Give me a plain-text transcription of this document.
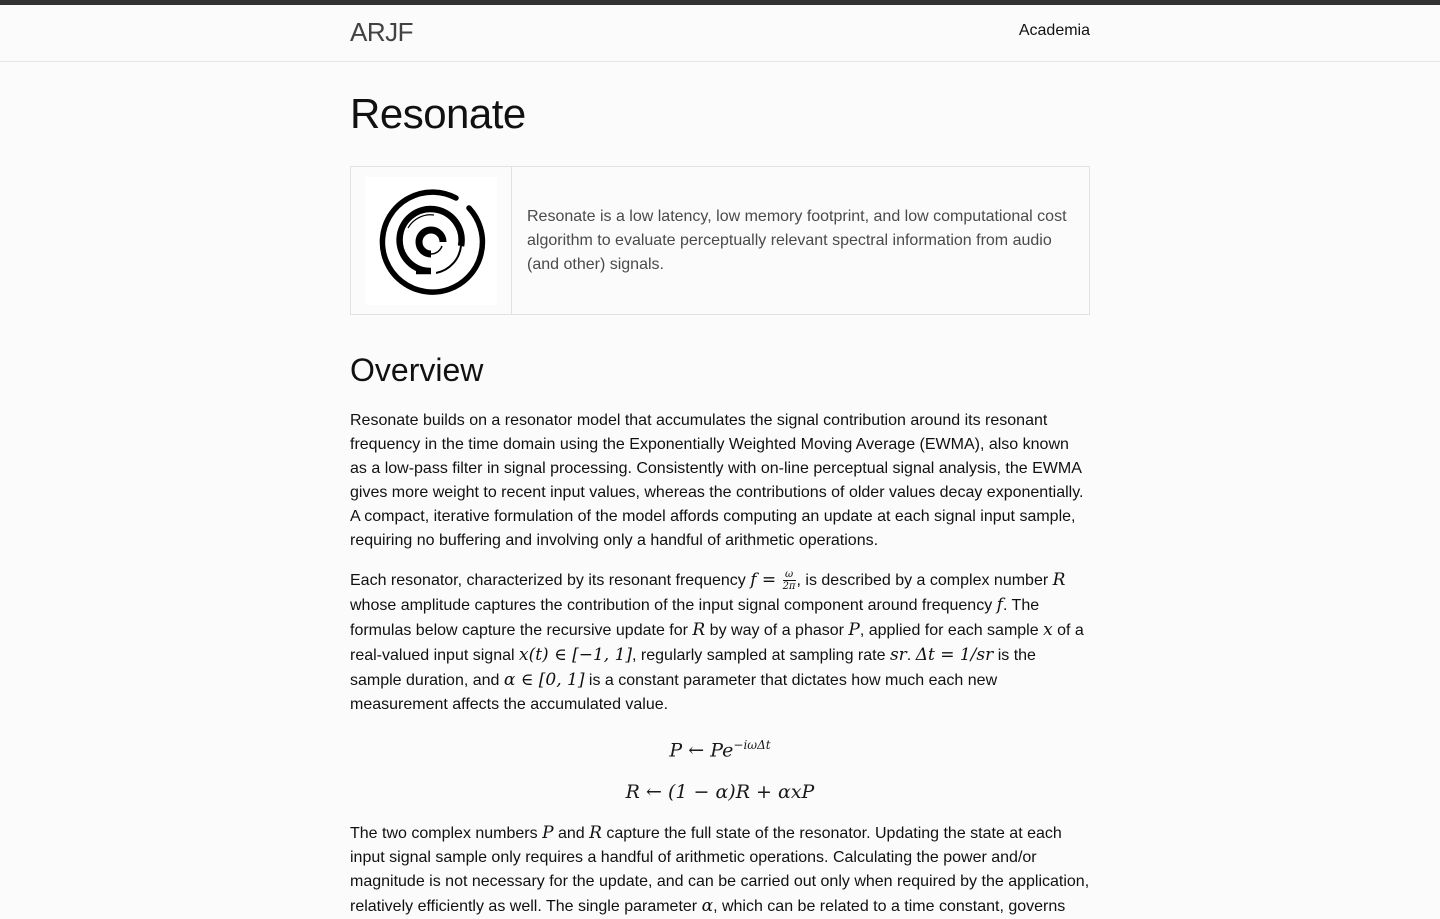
ARJF	Academia
Resonate
Resonate is a low latency, low memory footprint, and low computational cost algorithm to evaluate perceptually relevant spectral information from audio (and other) signals.
Overview

Resonate builds on a resonator model that accumulates the signal contribution around its resonant frequency in the time domain using the Exponentially Weighted Moving Average (EWMA), also known as a low-pass filter in signal processing. Consistently with on-line perceptual signal analysis, the EWMA gives more weight to recent input values, whereas the contributions of older values decay exponentially. A compact, iterative formulation of the model affords computing an update at each signal input sample, requiring no buffering and involving only a handful of arithmetic operations.

Each resonator, characterized by its resonant frequency $f = \frac{\omega}{2\pi}$ , is described by a complex number R whose amplitude captures the contribution of the input signal component around frequency f. The formulas below capture the recursive update for R by way of a phasor P, applied for each sample x of a real-valued input signal x(t) ∈ [−1, 1], regularly sampled at sampling rate sr. Δt = 1/sr is the sample duration, and α ∈ [0, 1] is a constant parameter that dictates how much each new measurement affects the accumulated value.

P ← $Pe^{-i\omega\Delta t}$
R ← (1 − α)R + αxP

The two complex numbers P and R capture the full state of the resonator. Updating the state at each input signal sample only requires a handful of arithmetic operations. Calculating the power and/or magnitude is not necessary for the update, and can be carried out only when required by the application, relatively efficiently as well. The single parameter α, which can be related to a time constant, governs
